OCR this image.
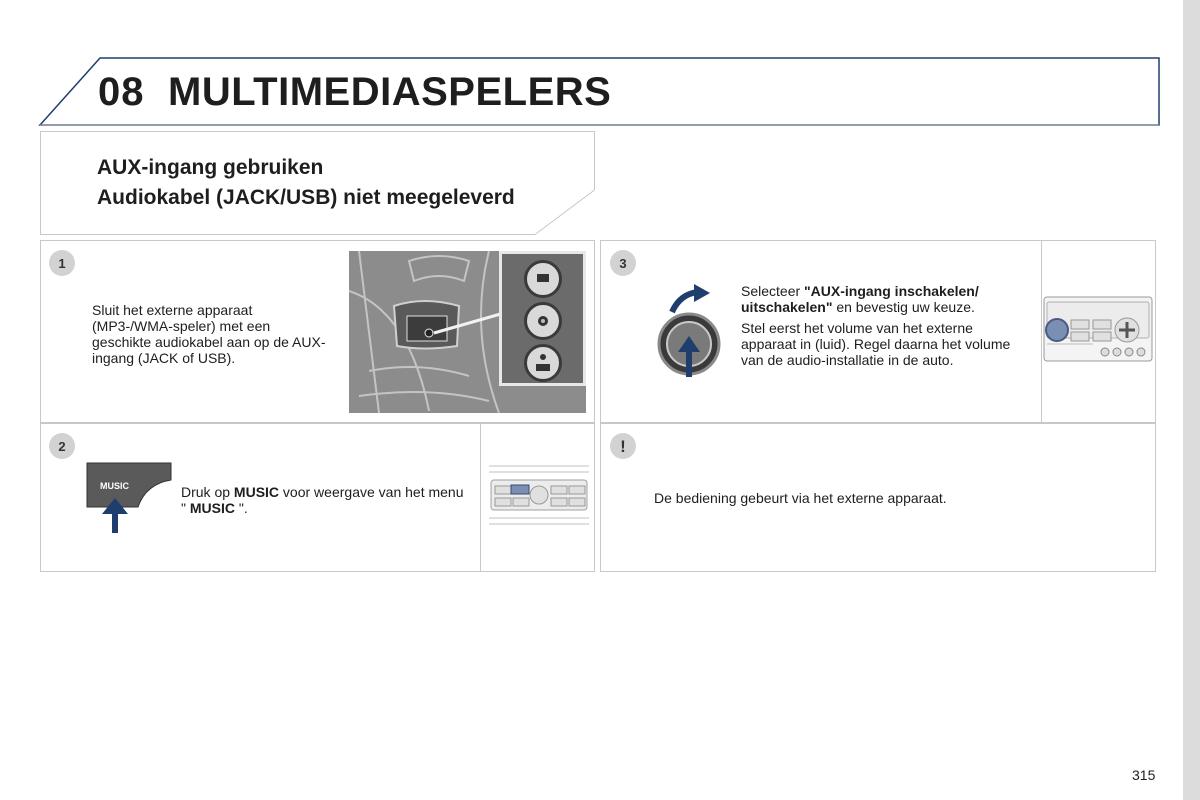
08 MULTIMEDIASPELERS
AUX-ingang gebruiken
Audiokabel (JACK/USB) niet meegeleverd
1
Sluit het externe apparaat (MP3-/WMA-speler) met een geschikte audiokabel aan op de AUX-ingang (JACK of USB).
3
Selecteer "AUX-ingang inschakelen/ uitschakelen" en bevestig uw keuze.
Stel eerst het volume van het externe apparaat in (luid). Regel daarna het volume van de audio-installatie in de auto.
2
MUSIC	Druk op MUSIC voor weergave van het menu " MUSIC ".
!
De bediening gebeurt via het externe apparaat.
315
